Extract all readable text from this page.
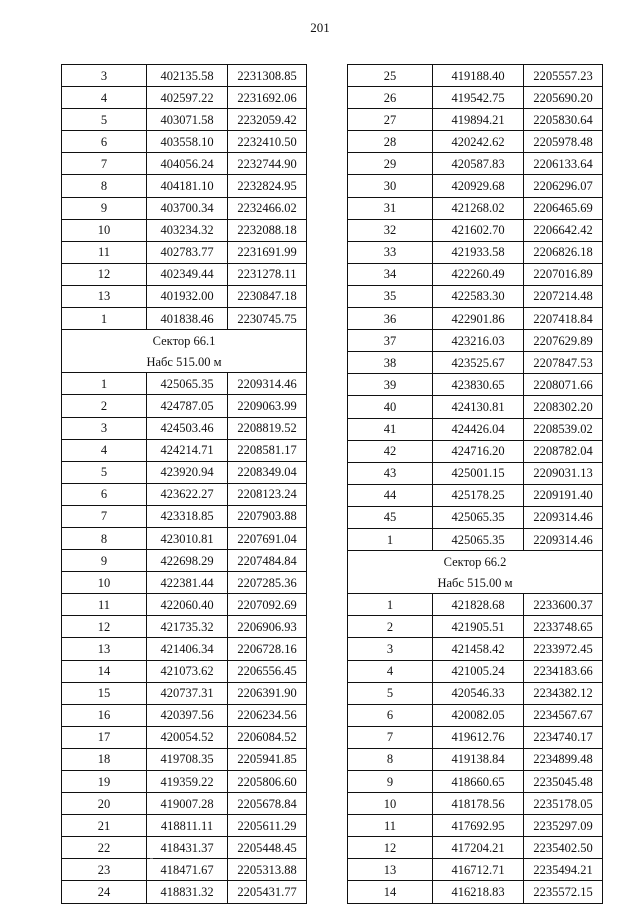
201
3	402135.58	2231308.85
4	402597.22	2231692.06
5	403071.58	2232059.42
6	403558.10	2232410.50
7	404056.24	2232744.90
8	404181.10	2232824.95
9	403700.34	2232466.02
10	403234.32	2232088.18
11	402783.77	2231691.99
12	402349.44	2231278.11
13	401932.00	2230847.18
1	401838.46	2230745.75
Сектор 66.1		
Набс 515.00 м		
1	425065.35	2209314.46
2	424787.05	2209063.99
3	424503.46	2208819.52
4	424214.71	2208581.17
5	423920.94	2208349.04
6	423622.27	2208123.24
7	423318.85	2207903.88
8	423010.81	2207691.04
9	422698.29	2207484.84
10	422381.44	2207285.36
11	422060.40	2207092.69
12	421735.32	2206906.93
13	421406.34	2206728.16
14	421073.62	2206556.45
15	420737.31	2206391.90
16	420397.56	2206234.56
17	420054.52	2206084.52
18	419708.35	2205941.85
19	419359.22	2205806.60
20	419007.28	2205678.84
21	418811.11	2205611.29
22	418431.37	2205448.45
23	418471.67	2205313.88
24	418831.32	2205431.77
25	419188.40	2205557.23
26	419542.75	2205690.20
27	419894.21	2205830.64
28	420242.62	2205978.48
29	420587.83	2206133.64
30	420929.68	2206296.07
31	421268.02	2206465.69
32	421602.70	2206642.42
33	421933.58	2206826.18
34	422260.49	2207016.89
35	422583.30	2207214.48
36	422901.86	2207418.84
37	423216.03	2207629.89
38	423525.67	2207847.53
39	423830.65	2208071.66
40	424130.81	2208302.20
41	424426.04	2208539.02
42	424716.20	2208782.04
43	425001.15	2209031.13
44	425178.25	2209191.40
45	425065.35	2209314.46
1	425065.35	2209314.46
Сектор 66.2		
Набс 515.00 м		
1	421828.68	2233600.37
2	421905.51	2233748.65
3	421458.42	2233972.45
4	421005.24	2234183.66
5	420546.33	2234382.12
6	420082.05	2234567.67
7	419612.76	2234740.17
8	419138.84	2234899.48
9	418660.65	2235045.48
10	418178.56	2235178.05
11	417692.95	2235297.09
12	417204.21	2235402.50
13	416712.71	2235494.21
14	416218.83	2235572.15
